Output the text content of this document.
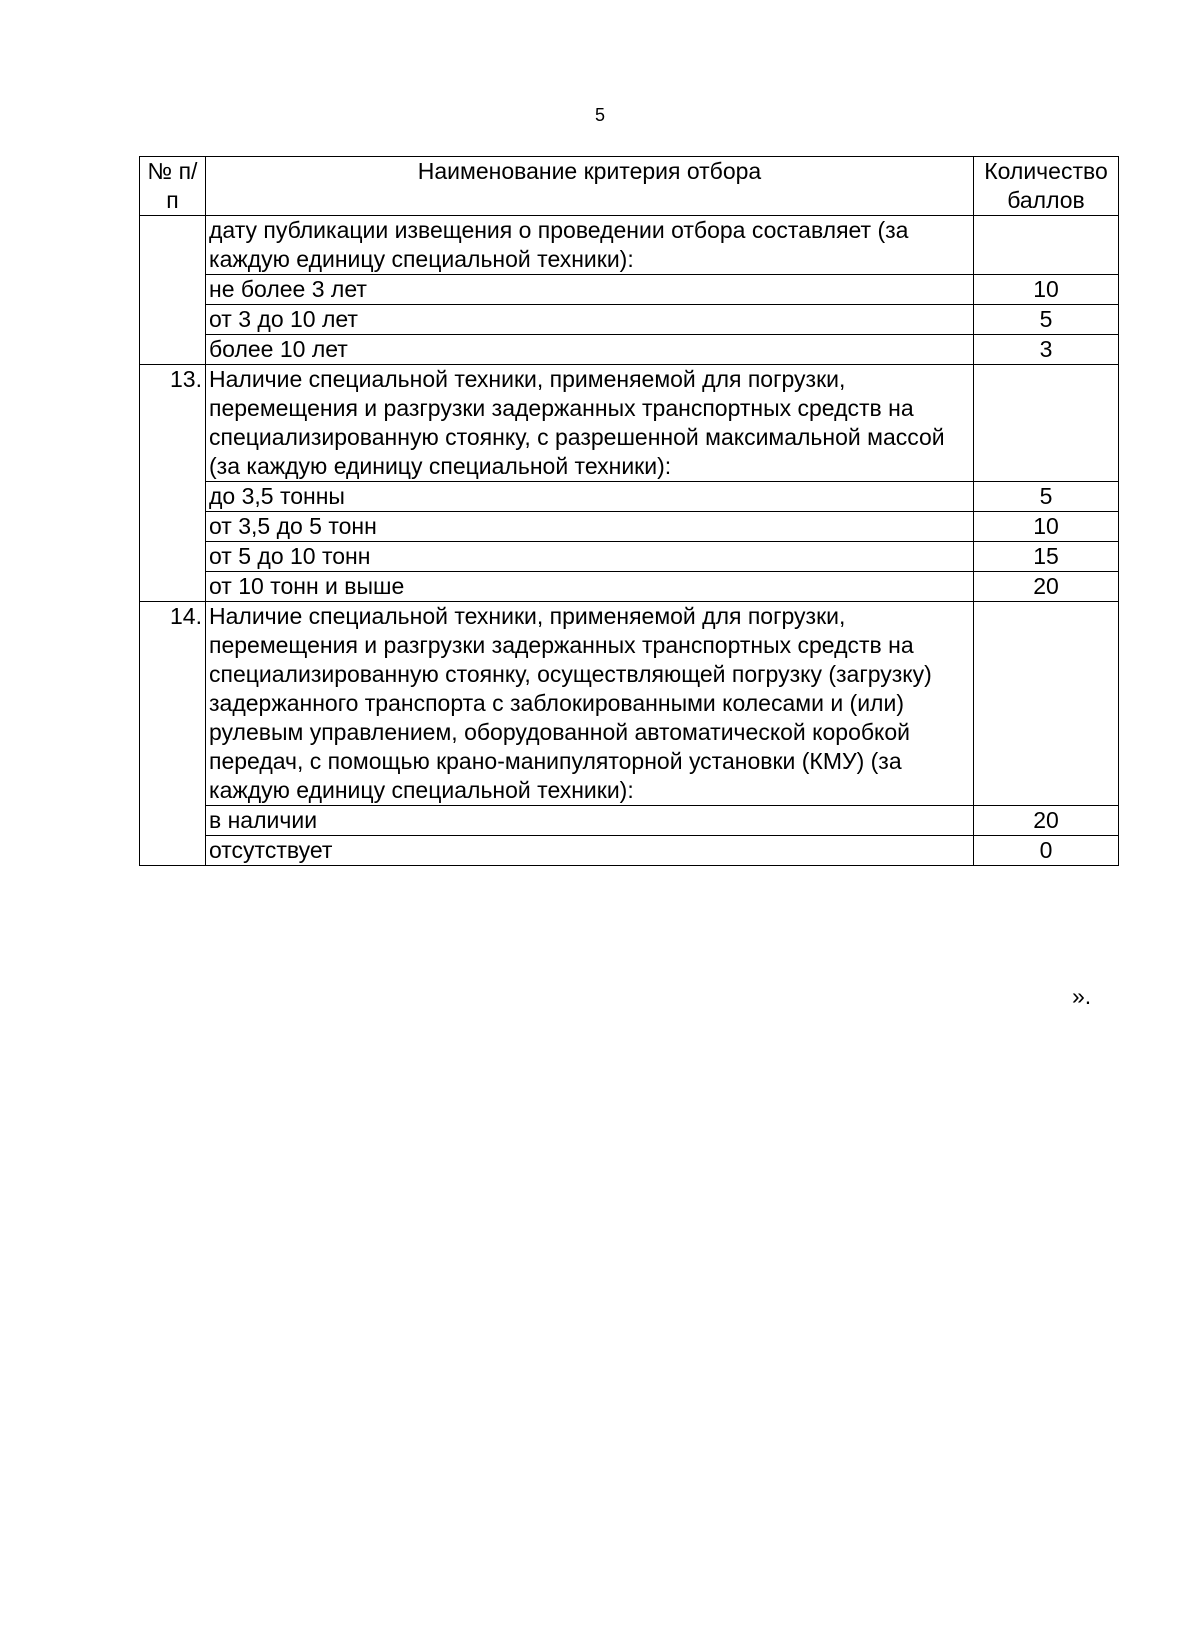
5
№ п/п	Наименование критерия отбора	Количество баллов
	дату публикации извещения о проведении отбора составляет (за каждую единицу специальной техники):	
	не более 3 лет	10
	от 3 до 10 лет	5
	более 10 лет	3
13.	Наличие специальной техники, применяемой для погрузки, перемещения и разгрузки задержанных транспортных средств на специализированную стоянку, с разрешенной максимальной массой (за каждую единицу специальной техники):	
	до 3,5 тонны	5
	от 3,5 до 5 тонн	10
	от 5 до 10 тонн	15
	от 10 тонн и выше	20
14.	Наличие специальной техники, применяемой для погрузки, перемещения и разгрузки задержанных транспортных средств на специализированную стоянку, осуществляющей погрузку (загрузку) задержанного транспорта с заблокированными колесами и (или) рулевым управлением, оборудованной автоматической коробкой передач, с помощью крано-манипуляторной установки (КМУ) (за каждую единицу специальной техники):	
	в наличии	20
	отсутствует	0
».
